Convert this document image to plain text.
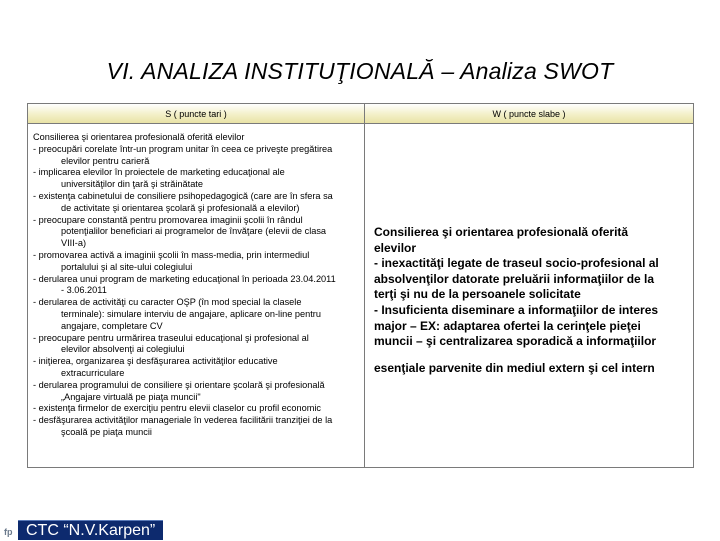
VI. ANALIZA INSTITUŢIONALĂ – Analiza SWOT
S ( puncte tari )	W ( puncte slabe )
Consilierea şi orientarea profesională oferită elevilor
- preocupări corelate într-un program unitar în ceea ce priveşte pregătirea
elevilor pentru carieră
- implicarea elevilor în proiectele de marketing educaţional ale
universităţilor din ţară şi străinătate
- existenţa cabinetului de consiliere psihopedagogică (care are în sfera sa
de activitate şi orientarea şcolară şi profesională a elevilor)
- preocupare constantă pentru promovarea imaginii şcolii în rândul
potenţialilor beneficiari ai programelor de învăţare (elevii de clasa
VIII-a)
- promovarea activă a imaginii şcolii în mass-media, prin intermediul
portalului şi al site-ului colegiului
- derularea unui program de marketing educaţional în perioada 23.04.2011
- 3.06.2011
- derularea de activităţi cu caracter OŞP (în mod special la clasele
terminale): simulare interviu de angajare, aplicare on-line pentru
angajare, completare CV
- preocupare pentru urmărirea traseului educaţional şi profesional al
elevilor absolvenţi ai colegiului
- iniţierea, organizarea şi desfăşurarea activităţilor educative
extracurriculare
- derularea programului de consiliere şi orientare şcolară şi profesională
„Angajare virtuală pe piaţa muncii"
- existenţa firmelor de exerciţiu pentru elevii claselor cu profil economic
- desfăşurarea activităţilor manageriale în vederea facilitării tranziţiei de la
şcoală pe piaţa muncii
Consilierea şi orientarea profesională oferită
elevilor
- inexactităţi legate de traseul socio-profesional al
absolvenţilor datorate preluării informaţiilor de la
terţi şi nu de la persoanele solicitate
- Insuficienta diseminare a informaţiilor de interes
major – EX: adaptarea ofertei la cerinţele pieţei
muncii – şi centralizarea sporadică a informaţiilor
esenţiale parvenite din mediul extern şi cel intern
fp CTC “N.V.Karpen”
